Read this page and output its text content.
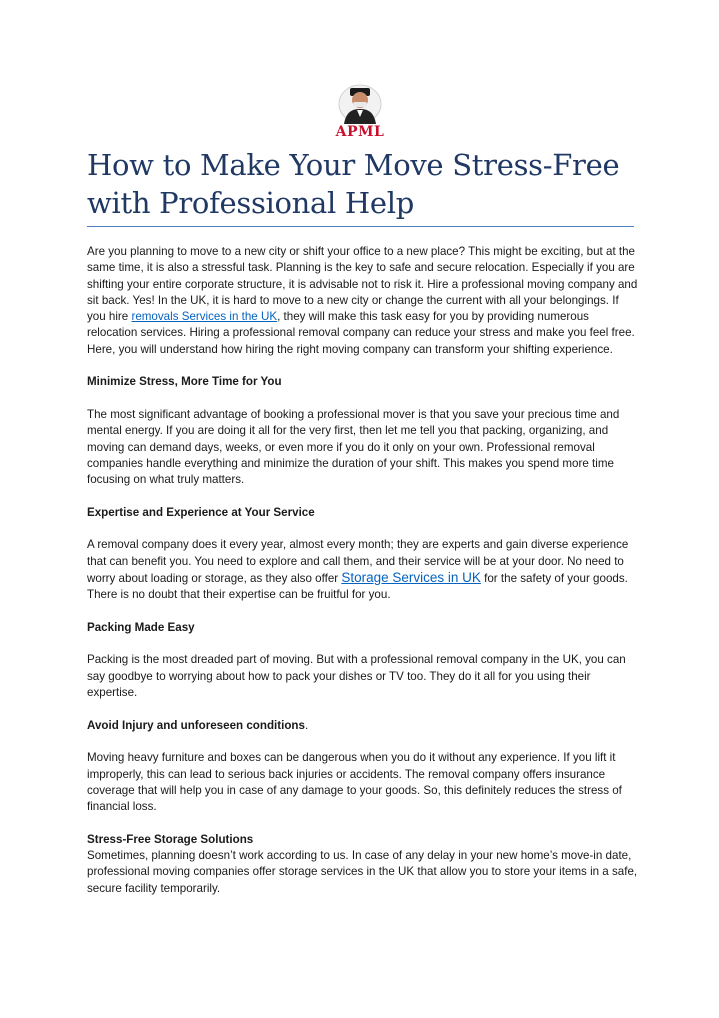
APML
How to Make Your Move Stress-Free with Professional Help

Are you planning to move to a new city or shift your office to a new place? This might be exciting, but at the same time, it is also a stressful task. Planning is the key to safe and secure relocation. Especially if you are shifting your entire corporate structure, it is advisable not to risk it. Hire a professional moving company and sit back. Yes! In the UK, it is hard to move to a new city or change the current with all your belongings. If you hire removals Services in the UK, they will make this task easy for you by providing numerous relocation services. Hiring a professional removal company can reduce your stress and make you feel free. Here, you will understand how hiring the right moving company can transform your shifting experience.

Minimize Stress, More Time for You

The most significant advantage of booking a professional mover is that you save your precious time and mental energy. If you are doing it all for the very first, then let me tell you that packing, organizing, and moving can demand days, weeks, or even more if you do it only on your own. Professional removal companies handle everything and minimize the duration of your shift. This makes you spend more time focusing on what truly matters.

Expertise and Experience at Your Service

A removal company does it every year, almost every month; they are experts and gain diverse experience that can benefit you. You need to explore and call them, and their service will be at your door. No need to worry about loading or storage, as they also offer Storage Services in UK for the safety of your goods. There is no doubt that their expertise can be fruitful for you.

Packing Made Easy

Packing is the most dreaded part of moving. But with a professional removal company in the UK, you can say goodbye to worrying about how to pack your dishes or TV too. They do it all for you using their expertise.

Avoid Injury and unforeseen conditions.

Moving heavy furniture and boxes can be dangerous when you do it without any experience. If you lift it improperly, this can lead to serious back injuries or accidents. The removal company offers insurance coverage that will help you in case of any damage to your goods. So, this definitely reduces the stress of financial loss.

Stress-Free Storage Solutions

Sometimes, planning doesn’t work according to us. In case of any delay in your new home’s move-in date, professional moving companies offer storage services in the UK that allow you to store your items in a safe, secure facility temporarily.
